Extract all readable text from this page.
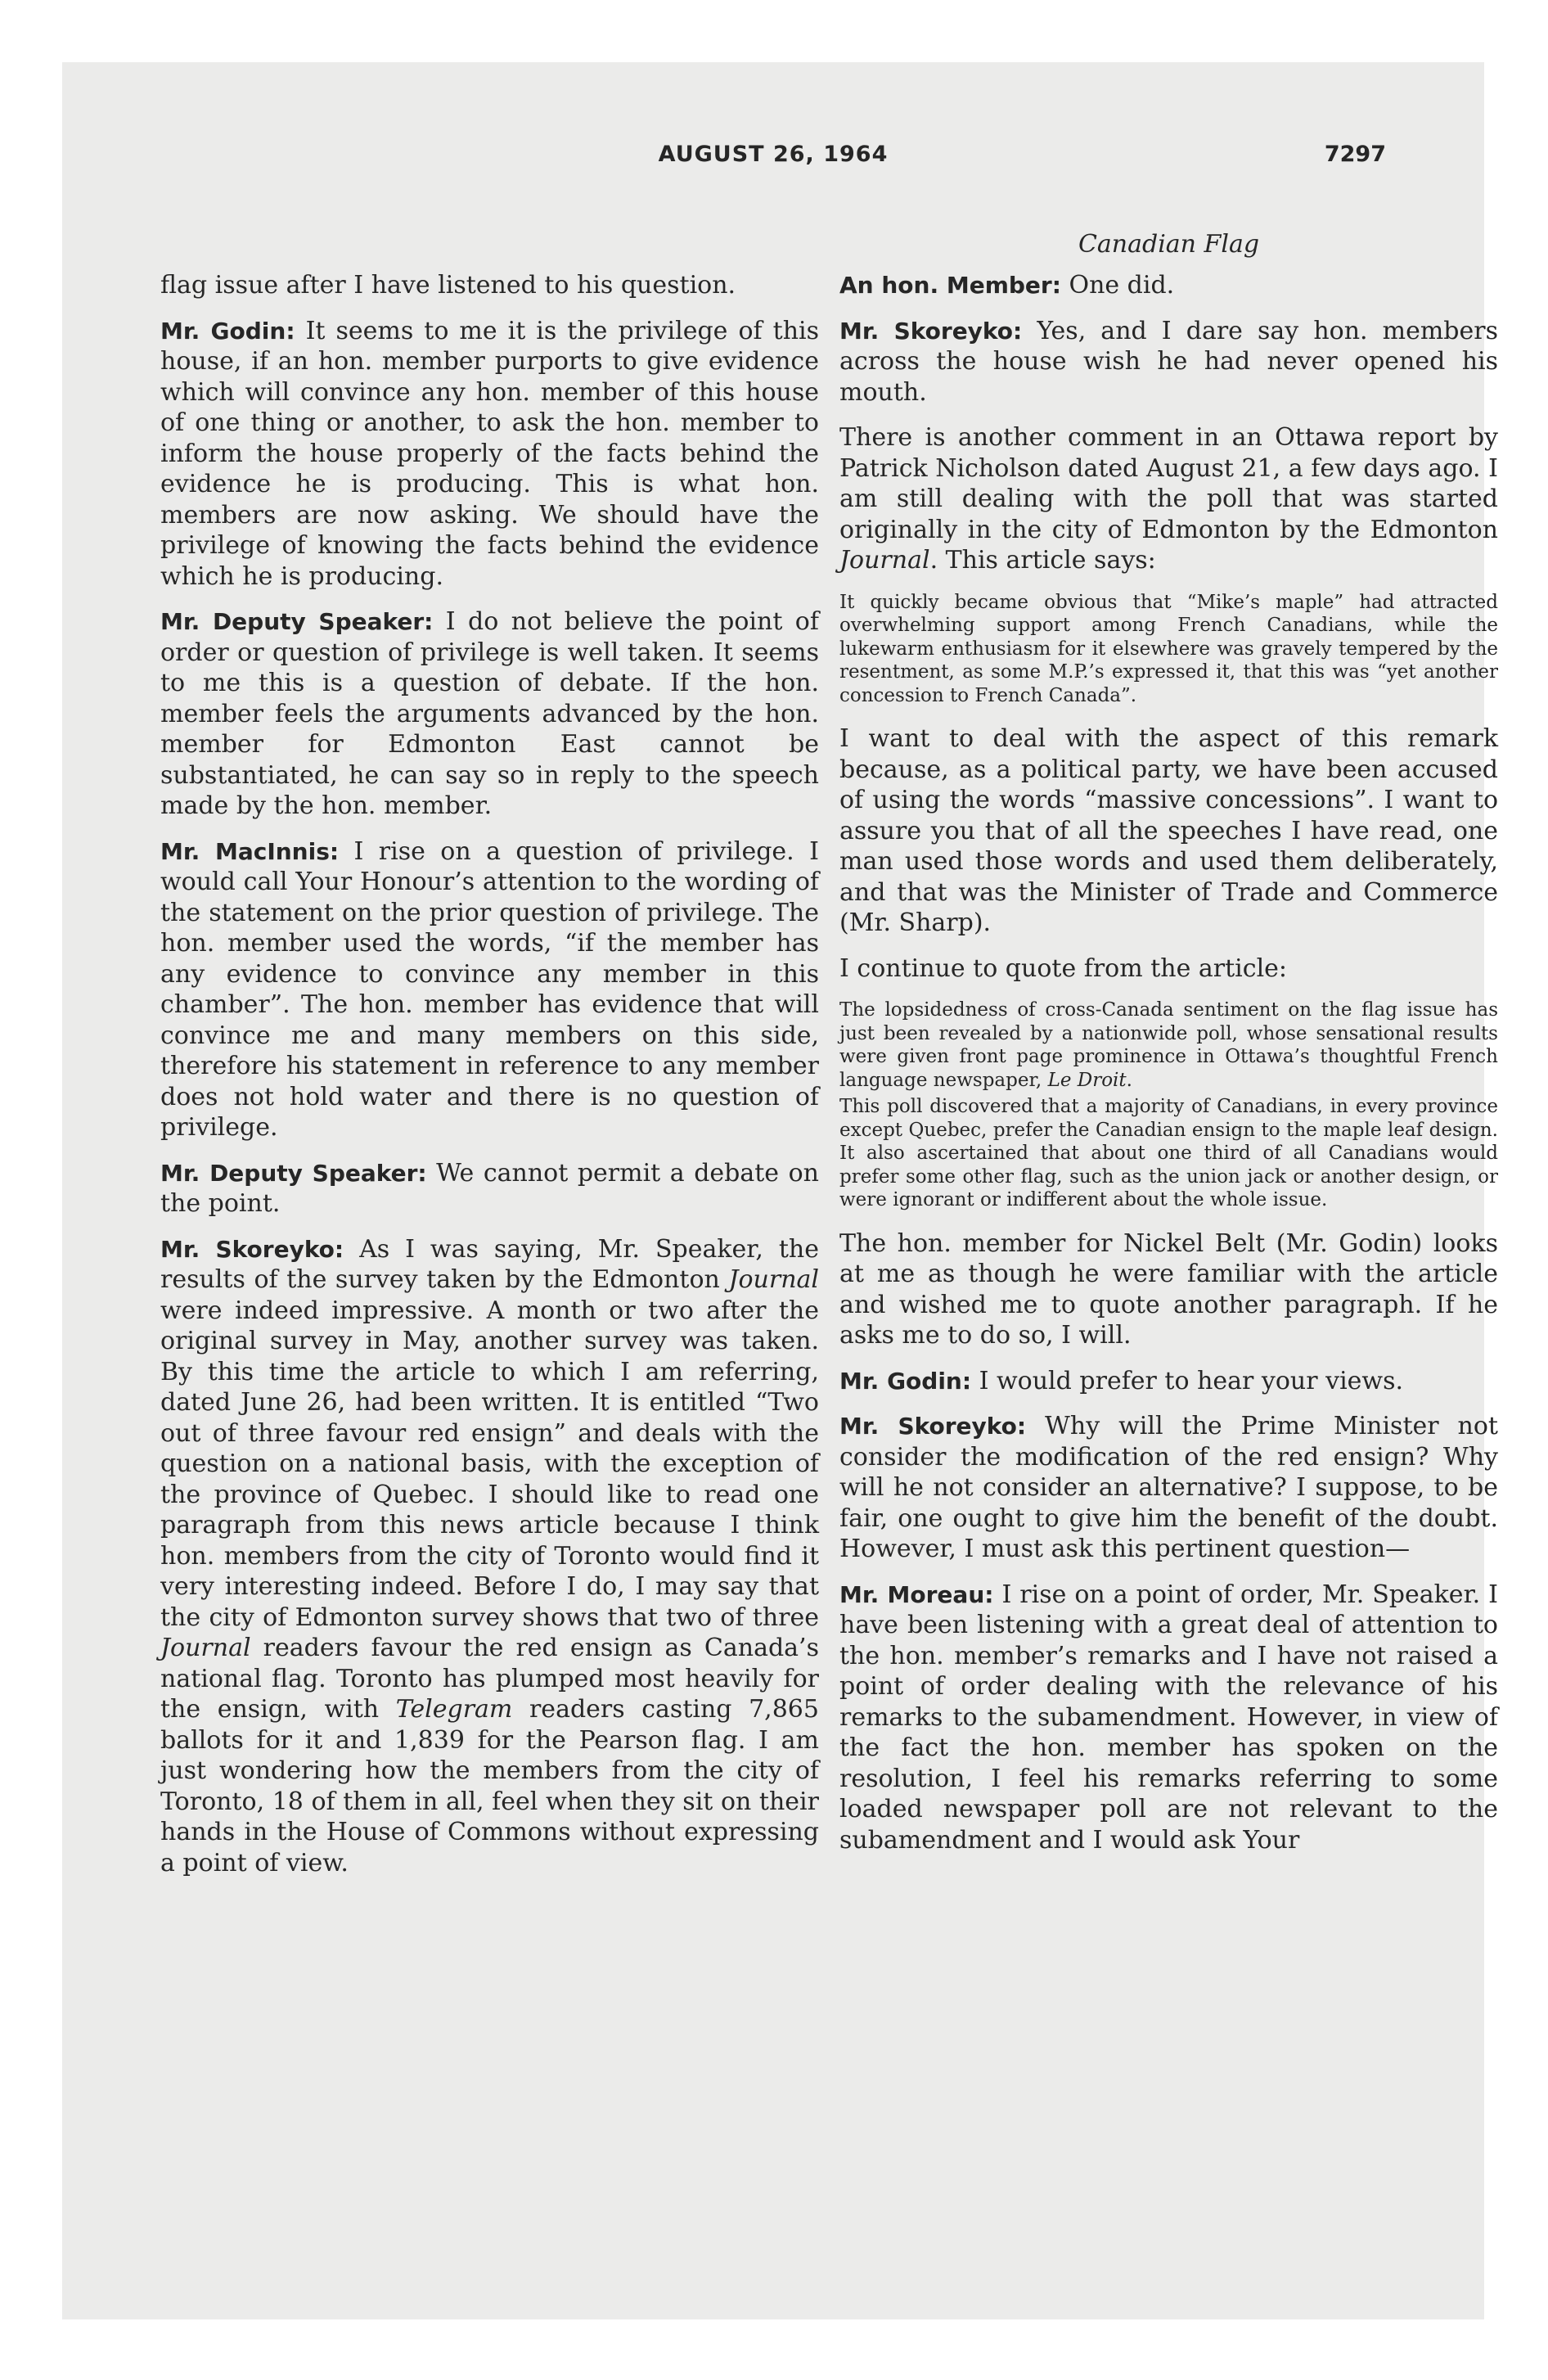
AUGUST 26, 1964	7297

flag issue after I have listened to his question.

Mr. Godin: It seems to me it is the privilege of this house, if an hon. member purports to give evidence which will convince any hon. member of this house of one thing or another, to ask the hon. member to inform the house properly of the facts behind the evidence he is producing. This is what hon. members are now asking. We should have the privilege of knowing the facts behind the evidence which he is producing.

Mr. Deputy Speaker: I do not believe the point of order or question of privilege is well taken. It seems to me this is a question of debate. If the hon. member feels the arguments advanced by the hon. member for Edmonton East cannot be substantiated, he can say so in reply to the speech made by the hon. member.

Mr. MacInnis: I rise on a question of privilege. I would call Your Honour’s attention to the wording of the statement on the prior question of privilege. The hon. member used the words, “if the member has any evidence to convince any member in this chamber”. The hon. member has evidence that will convince me and many members on this side, therefore his statement in reference to any member does not hold water and there is no question of privilege.

Mr. Deputy Speaker: We cannot permit a debate on the point.

Mr. Skoreyko: As I was saying, Mr. Speaker, the results of the survey taken by the Edmonton Journal were indeed impressive. A month or two after the original survey in May, another survey was taken. By this time the article to which I am referring, dated June 26, had been written. It is entitled “Two out of three favour red ensign” and deals with the question on a national basis, with the exception of the province of Quebec. I should like to read one paragraph from this news article because I think hon. members from the city of Toronto would find it very interesting indeed. Before I do, I may say that the city of Edmonton survey shows that two of three Journal readers favour the red ensign as Canada’s national flag. Toronto has plumped most heavily for the ensign, with Telegram readers casting 7,865 ballots for it and 1,839 for the Pearson flag. I am just wondering how the members from the city of Toronto, 18 of them in all, feel when they sit on their hands in the House of Commons without expressing a point of view.

Canadian Flag

An hon. Member: One did.

Mr. Skoreyko: Yes, and I dare say hon. members across the house wish he had never opened his mouth.

There is another comment in an Ottawa report by Patrick Nicholson dated August 21, a few days ago. I am still dealing with the poll that was started originally in the city of Edmonton by the Edmonton Journal. This article says:

It quickly became obvious that “Mike’s maple” had attracted overwhelming support among French Canadians, while the lukewarm enthusiasm for it elsewhere was gravely tempered by the resentment, as some M.P.’s expressed it, that this was “yet another concession to French Canada”.

I want to deal with the aspect of this remark because, as a political party, we have been accused of using the words “massive concessions”. I want to assure you that of all the speeches I have read, one man used those words and used them deliberately, and that was the Minister of Trade and Commerce (Mr. Sharp).

I continue to quote from the article:

The lopsidedness of cross-Canada sentiment on the flag issue has just been revealed by a nationwide poll, whose sensational results were given front page prominence in Ottawa’s thoughtful French language newspaper, Le Droit.

This poll discovered that a majority of Canadians, in every province except Quebec, prefer the Canadian ensign to the maple leaf design. It also ascertained that about one third of all Canadians would prefer some other flag, such as the union jack or another design, or were ignorant or indifferent about the whole issue.

The hon. member for Nickel Belt (Mr. Godin) looks at me as though he were familiar with the article and wished me to quote another paragraph. If he asks me to do so, I will.

Mr. Godin: I would prefer to hear your views.

Mr. Skoreyko: Why will the Prime Minister not consider the modification of the red ensign? Why will he not consider an alternative? I suppose, to be fair, one ought to give him the benefit of the doubt. However, I must ask this pertinent question—

Mr. Moreau: I rise on a point of order, Mr. Speaker. I have been listening with a great deal of attention to the hon. member’s remarks and I have not raised a point of order dealing with the relevance of his remarks to the subamendment. However, in view of the fact the hon. member has spoken on the resolution, I feel his remarks referring to some loaded newspaper poll are not relevant to the subamendment and I would ask Your
